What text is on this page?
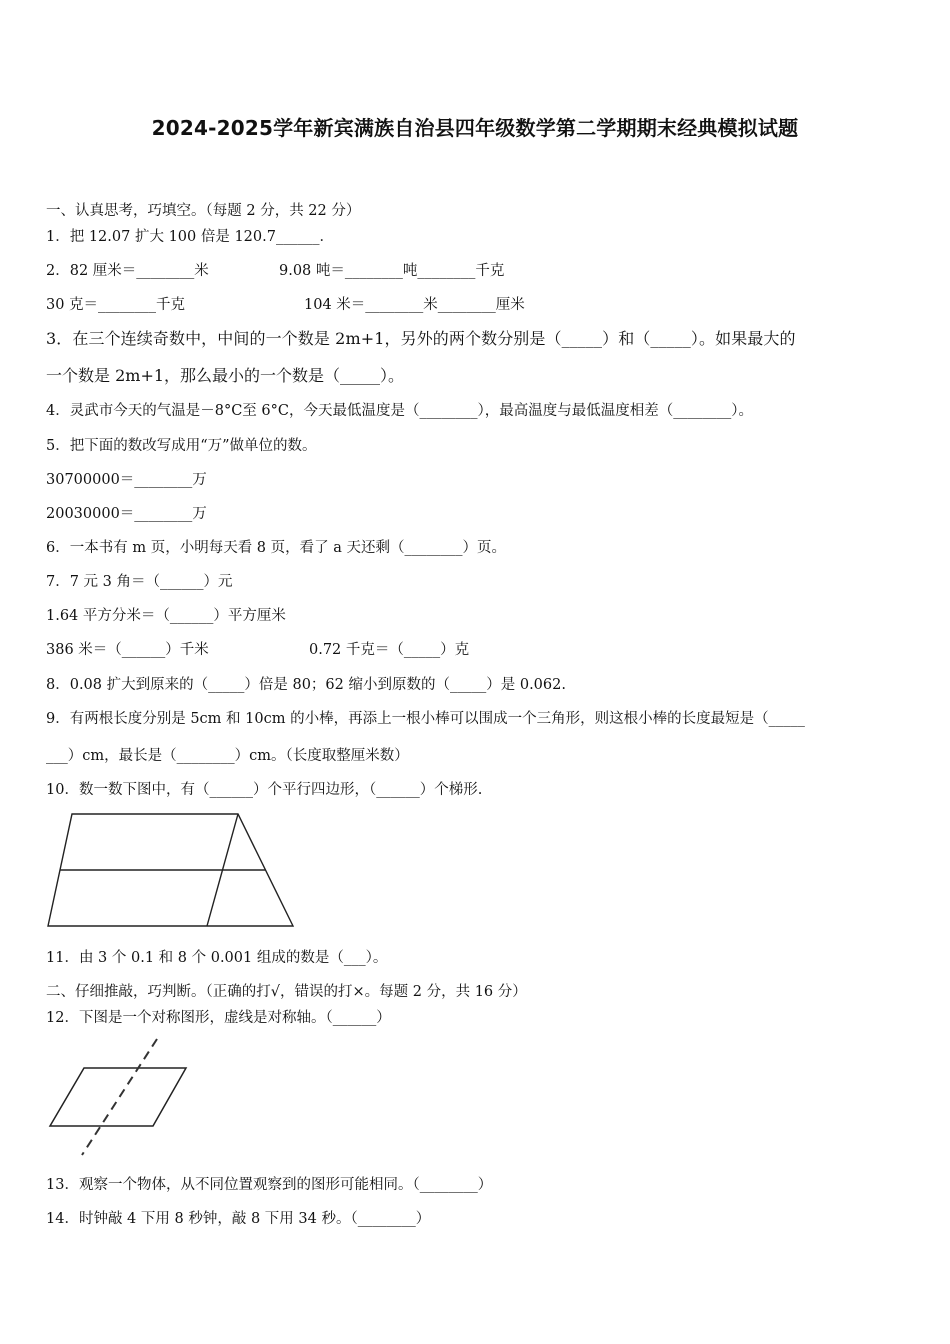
2024-2025学年新宾满族自治县四年级数学第二学期期末经典模拟试题
一、认真思考，巧填空。（每题 2 分，共 22 分）
1．把 12.07 扩大 100 倍是 120.7______．
2．82 厘米＝________米	9.08 吨＝________吨________千克
30 克＝________千克	104 米＝________米________厘米
3．在三个连续奇数中，中间的一个数是 2m+1，另外的两个数分别是（_____）和（_____）。如果最大的
一个数是 2m+1，那么最小的一个数是（_____）。
4．灵武市今天的气温是－8°C至 6°C，今天最低温度是（________），最高温度与最低温度相差（________）。
5．把下面的数改写成用“万”做单位的数。
30700000＝________万
20030000＝________万
6．一本书有 m 页，小明每天看 8 页，看了 a 天还剩（________）页。
7．7 元 3 角＝（______）元
1.64 平方分米＝（______）平方厘米
386 米＝（______）千米	0.72 千克＝（_____）克
8．0.08 扩大到原来的（_____）倍是 80；62 缩小到原数的（_____）是 0.062.
9．有两根长度分别是 5cm 和 10cm 的小棒，再添上一根小棒可以围成一个三角形，则这根小棒的长度最短是（_____
___）cm，最长是（________）cm。（长度取整厘米数）
10．数一数下图中，有（______）个平行四边形，（______）个梯形.
11．由 3 个 0.1 和 8 个 0.001 组成的数是（___）。
二、仔细推敲，巧判断。（正确的打√，错误的打×。每题 2 分，共 16 分）
12．下图是一个对称图形，虚线是对称轴。（______）
13．观察一个物体，从不同位置观察到的图形可能相同。（________）
14．时钟敲 4 下用 8 秒钟，敲 8 下用 34 秒。（________）
